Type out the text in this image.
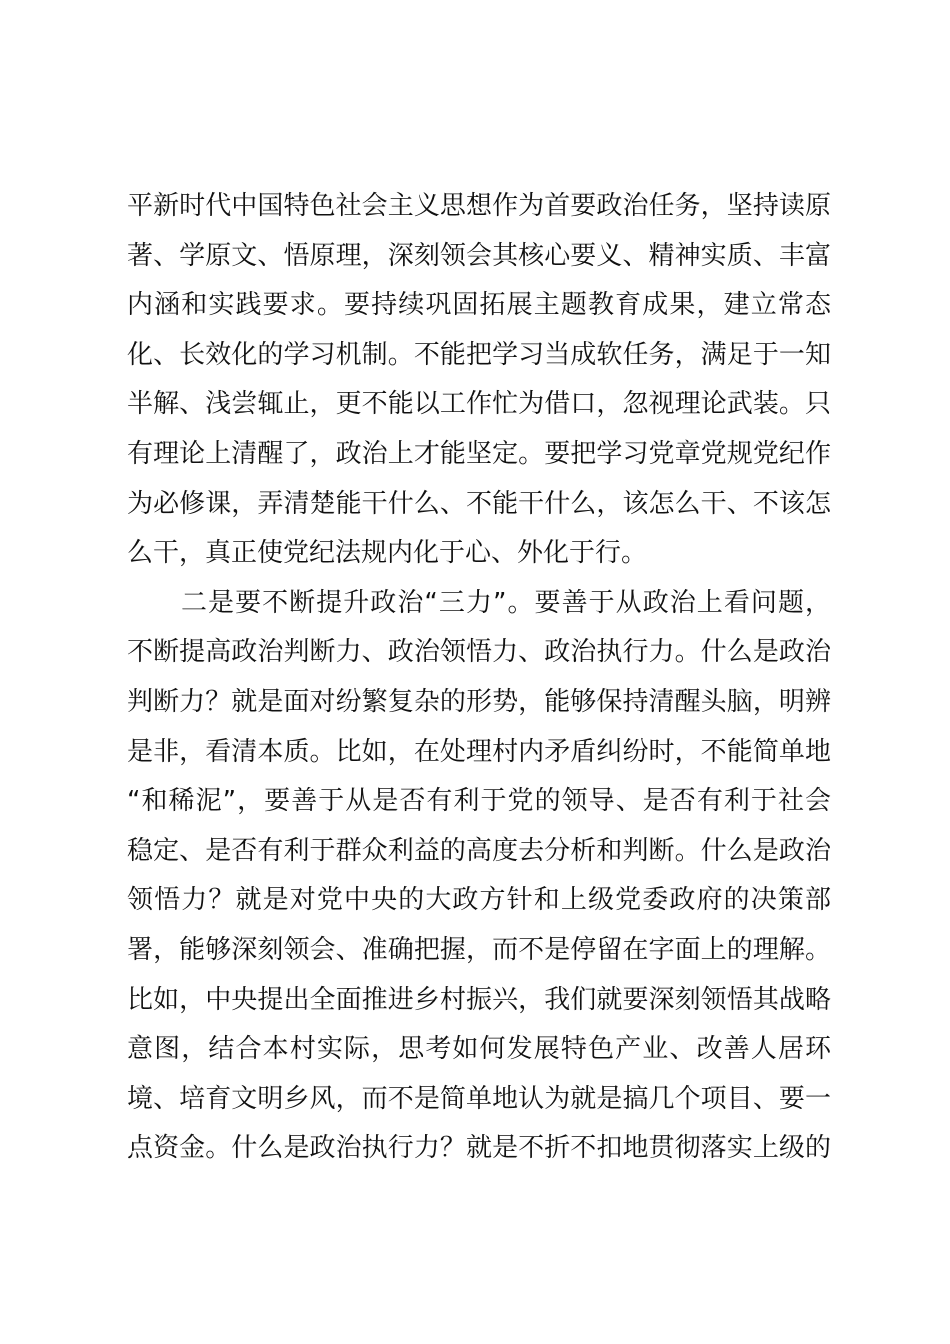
平新时代中国特色社会主义思想作为首要政治任务，坚持读原
著、学原文、悟原理，深刻领会其核心要义、精神实质、丰富
内涵和实践要求。要持续巩固拓展主题教育成果，建立常态
化、长效化的学习机制。不能把学习当成软任务，满足于一知
半解、浅尝辄止，更不能以工作忙为借口，忽视理论武装。只
有理论上清醒了，政治上才能坚定。要把学习党章党规党纪作
为必修课，弄清楚能干什么、不能干什么，该怎么干、不该怎
么干，真正使党纪法规内化于心、外化于行。
二是要不断提升政治“三力”。要善于从政治上看问题，
不断提高政治判断力、政治领悟力、政治执行力。什么是政治
判断力？就是面对纷繁复杂的形势，能够保持清醒头脑，明辨
是非，看清本质。比如，在处理村内矛盾纠纷时，不能简单地
“和稀泥”，要善于从是否有利于党的领导、是否有利于社会
稳定、是否有利于群众利益的高度去分析和判断。什么是政治
领悟力？就是对党中央的大政方针和上级党委政府的决策部
署，能够深刻领会、准确把握，而不是停留在字面上的理解。
比如，中央提出全面推进乡村振兴，我们就要深刻领悟其战略
意图，结合本村实际，思考如何发展特色产业、改善人居环
境、培育文明乡风，而不是简单地认为就是搞几个项目、要一
点资金。什么是政治执行力？就是不折不扣地贯彻落实上级的
